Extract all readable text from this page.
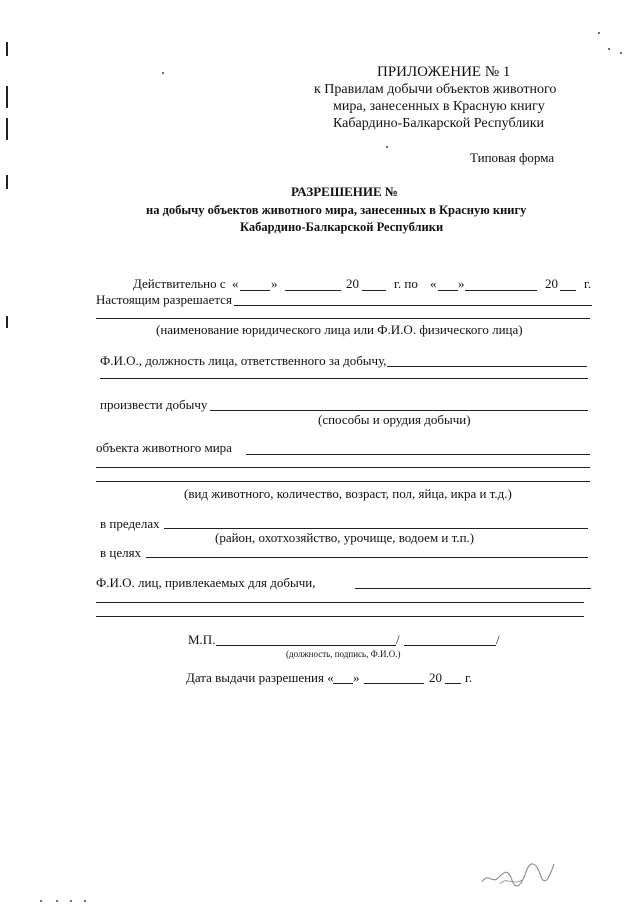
ПРИЛОЖЕНИЕ № 1
к Правилам добычи объектов животного
мира, занесенных в Красную книгу
Кабардино-Балкарской Республики
Типовая форма
РАЗРЕШЕНИЕ №
на добычу объектов животного мира, занесенных в Красную книгу
Кабардино-Балкарской Республики
Действительно с «	»	20	г. по « »	20 г.
Настоящим разрешается
(наименование юридического лица или Ф.И.О. физического лица)
Ф.И.О., должность лица, ответственного за добычу,
произвести добычу
(способы и орудия добычи)
объекта животного мира
(вид животного, количество, возраст, пол, яйца, икра и т.д.)
в пределах
(район, охотхозяйство, урочище, водоем и т.п.)
в целях
Ф.И.О. лиц, привлекаемых для добычи,
М.П.	/	/
(должность, подпись, Ф.И.О.)
Дата выдачи разрешения « »	20 г.
